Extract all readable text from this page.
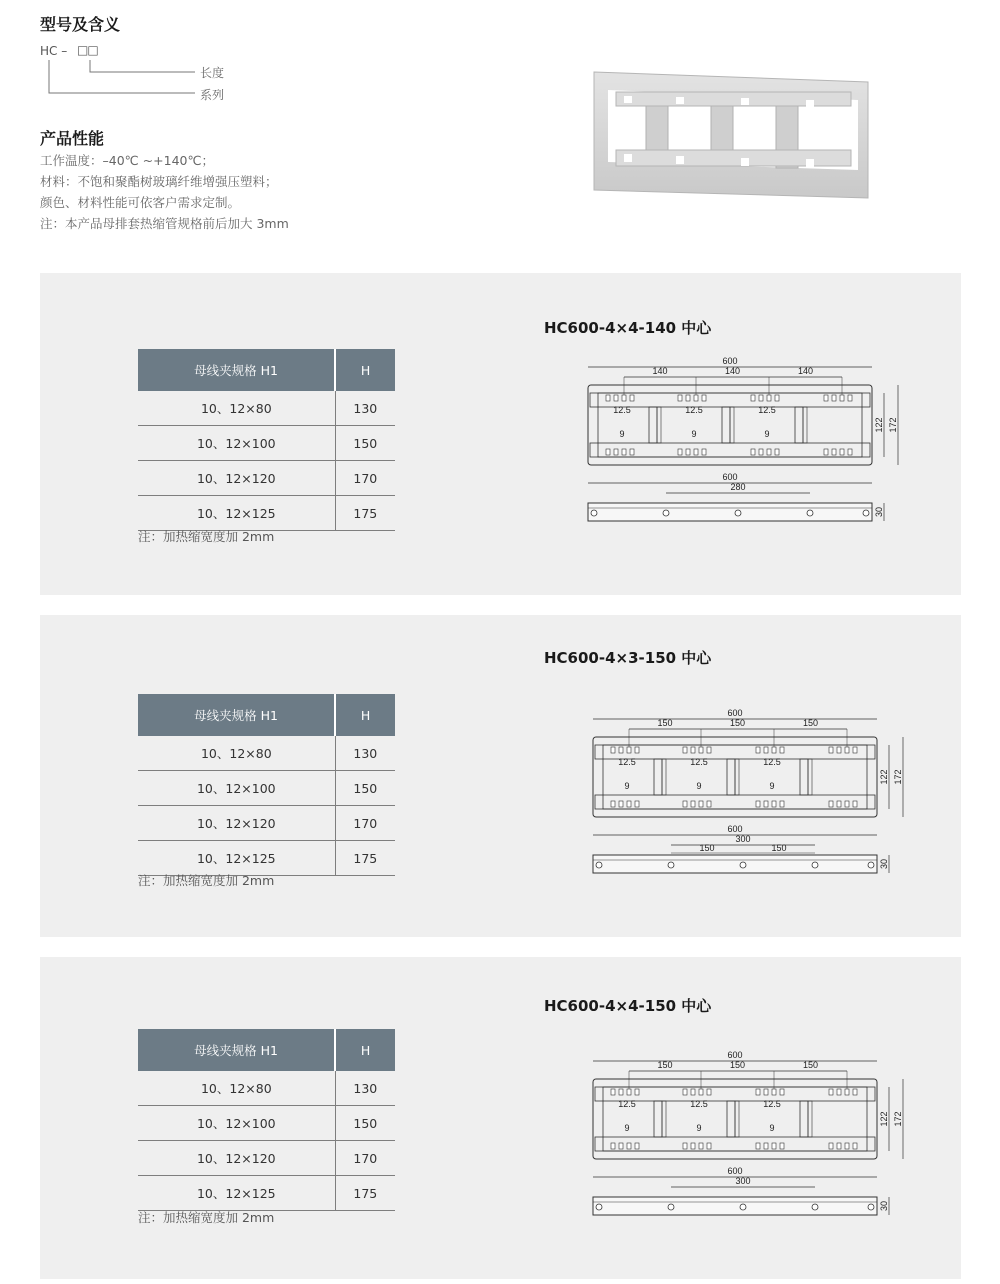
型号及含义
HC – □□
长度
系列
产品性能
工作温度：–40℃ ~+140℃；
材料：不饱和聚酯树玻璃纤维增强压塑料；
颜色、材料性能可依客户需求定制。
注：本产品母排套热缩管规格前后加大 3mm
HC600-4×4-140 中心
母线夹规格 H1	H
10、12×80	130
10、12×100	150
10、12×120	170
10、12×125	175
注：加热缩宽度加 2mm
600
140	140	140
12.5
9
12.5
9
12.5
9
122 172
600
280
30
HC600-4×3-150 中心
母线夹规格 H1	H
10、12×80	130
10、12×100	150
10、12×120	170
10、12×125	175
注：加热缩宽度加 2mm
600
150	150	150
12.5
9
12.5
9
12.5
9
122 172
600
300
150	150
30
HC600-4×4-150 中心
母线夹规格 H1	H
10、12×80	130
10、12×100	150
10、12×120	170
10、12×125	175
注：加热缩宽度加 2mm
600
150	150	150
12.5
9
12.5
9
12.5
9
122 172
600
300
30
